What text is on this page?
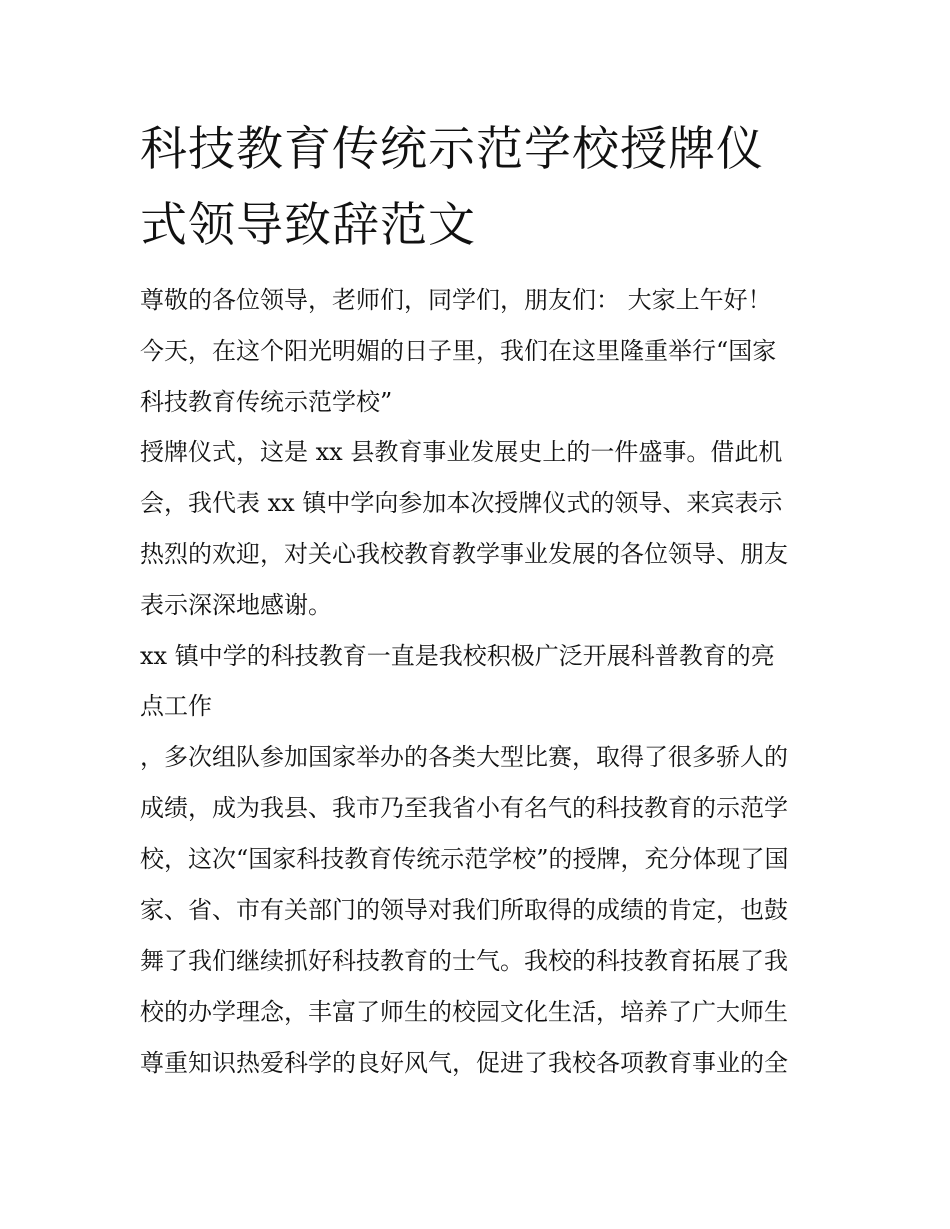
科技教育传统示范学校授牌仪
式领导致辞范文

尊敬的各位领导，老师们，同学们，朋友们： 大家上午好！

今天，在这个阳光明媚的日子里，我们在这里隆重举行“国家

科技教育传统示范学校”

授牌仪式，这是 xx 县教育事业发展史上的一件盛事。借此机

会，我代表 xx 镇中学向参加本次授牌仪式的领导、来宾表示

热烈的欢迎，对关心我校教育教学事业发展的各位领导、朋友

表示深深地感谢。

xx 镇中学的科技教育一直是我校积极广泛开展科普教育的亮

点工作

，多次组队参加国家举办的各类大型比赛，取得了很多骄人的

成绩，成为我县、我市乃至我省小有名气的科技教育的示范学

校，这次“国家科技教育传统示范学校”的授牌，充分体现了国

家、省、市有关部门的领导对我们所取得的成绩的肯定，也鼓

舞了我们继续抓好科技教育的士气。我校的科技教育拓展了我

校的办学理念，丰富了师生的校园文化生活，培养了广大师生

尊重知识热爱科学的良好风气，促进了我校各项教育事业的全
